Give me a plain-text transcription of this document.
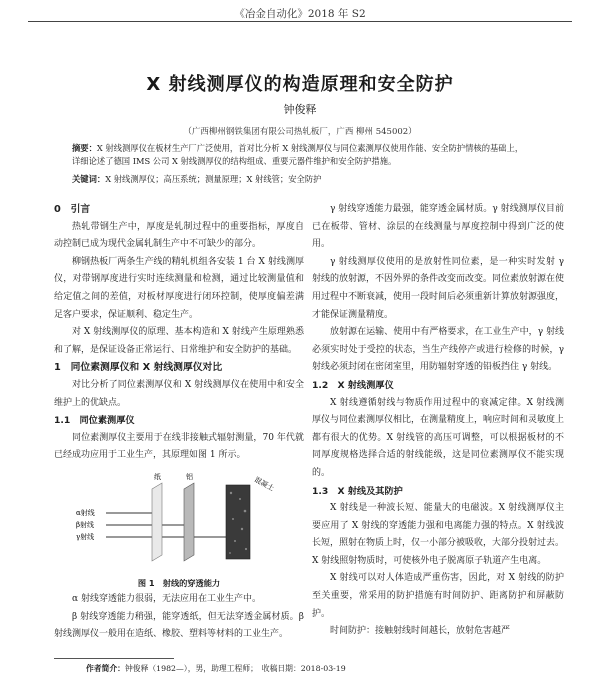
《冶金自动化》2018 年 S2
X 射线测厚仪的构造原理和安全防护
钟俊释
（广西柳州钢铁集团有限公司热轧板厂，广西 柳州 545002）
摘要：X 射线测厚仪在板材生产厂广泛使用，首对比分析 X 射线测厚仪与同位素测厚仪使用作能、安全防护情核的基础上，详细论述了德国 IMS 公司 X 射线测厚仪的结构组成、重要元器件维护和安全防护措施。
关键词：X 射线测厚仪；高压系统；测量原理；X 射线管；安全防护

0　引言

热轧带钢生产中，厚度是轧制过程中的重要指标，厚度自动控制已成为现代金属轧制生产中不可缺少的部分。

柳钢热板厂两条生产线的精轧机组各安装 1 台 X 射线测厚仪，对带钢厚度进行实时连续测量和检测，通过比较测量值和给定值之间的差值，对板材厚度进行闭环控制，使厚度偏差满足客户要求，保证顺利、稳定生产。

对 X 射线测厚仪的原理、基本构造和 X 射线产生原理熟悉和了解，是保证设备正常运行、日常维护和安全防护的基础。

1　同位素测厚仪和 X 射线测厚仪对比

对比分析了同位素测厚仪和 X 射线测厚仪在使用中和安全维护上的优缺点。

1.1　同位素测厚仪

同位素测厚仪主要用于在线非接触式辐射测量，70 年代就已经成功应用于工业生产，其原理如图 1 所示。

α射线
β射线
γ射线
纸	铝	混凝土

图 1　射线的穿透能力

α 射线穿透能力很弱，无法应用在工业生产中。

β 射线穿透能力稍强，能穿透纸，但无法穿透金属材质。β 射线测厚仪一般用在造纸、橡胶、塑料等材料的工业生产。

γ 射线穿透能力最强，能穿透金属材质。γ 射线测厚仪目前已在板带、管材、涂层的在线测量与厚度控制中得到广泛的使用。

γ 射线测厚仪使用的是放射性同位素，是一种实时发射 γ 射线的放射源，不因外界的条件改变而改变。同位素放射源在使用过程中不断衰减，使用一段时间后必须重新计算放射源强度，才能保证测量精度。

放射源在运输、使用中有严格要求，在工业生产中，γ 射线必须实时处于受控的状态，当生产线停产或进行检修的时候，γ 射线必须封闭在密闭室里，用防辐射穿透的铅板挡住 γ 射线。

1.2　X 射线测厚仪

X 射线遵循射线与物质作用过程中的衰减定律。X 射线测厚仪与同位素测厚仪相比，在测量精度上，响应时间和灵敏度上都有很大的优势。X 射线管的高压可调整，可以根据板材的不同厚度规格选择合适的射线能级，这是同位素测厚仪不能实现的。

1.3　X 射线及其防护

X 射线是一种波长短、能量大的电磁波。X 射线测厚仪主要应用了 X 射线的穿透能力强和电离能力强的特点。X 射线波长短，照射在物质上时，仅一小部分被吸收，大部分投射过去。X 射线照射物质时，可使核外电子脱离原子轨道产生电离。

X 射线可以对人体造成严重伤害，因此，对 X 射线的防护至关重要，常采用的防护措施有时间防护、距离防护和屏蔽防护。

时间防护：接触射线时间越长，放射危害越严

作者简介：钟俊释（1982—），男，助理工程师；　收稿日期：2018-03-19
